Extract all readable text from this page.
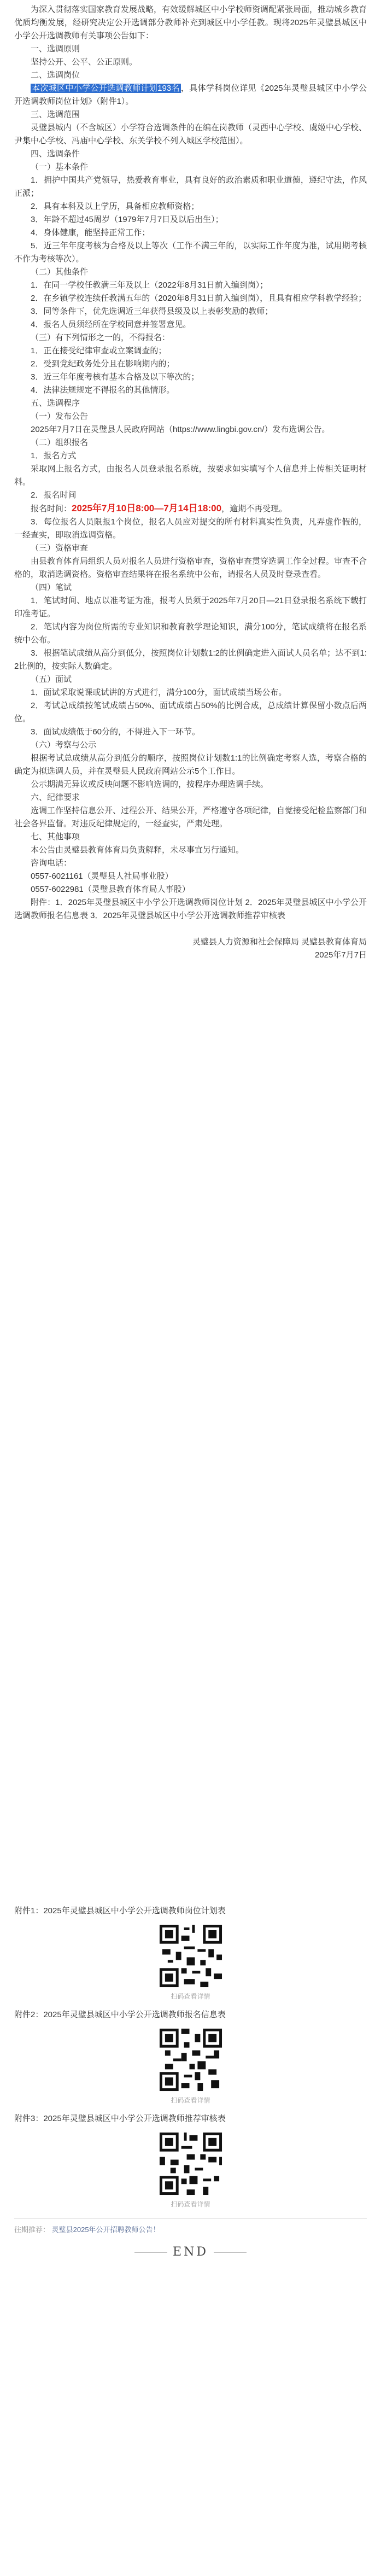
为深入贯彻落实国家教育发展战略，有效缓解城区中小学校师资调配紧张局面，推动城乡教育优质均衡发展，经研究决定公开选调部分教师补充到城区中小学任教。现将2025年灵璧县城区中小学公开选调教师有关事项公告如下：

一、选调原则

坚持公开、公平、公正原则。

二、选调岗位

本次城区中小学公开选调教师计划193名 ，具体学科岗位详见《2025年灵璧县城区中小学公开选调教师岗位计划》（附件1）。

三、选调范围

灵璧县城内（不含城区）小学符合选调条件的在编在岗教师（灵西中心学校、虞姬中心学校、尹集中心学校、冯庙中心学校、东关学校不列入城区学校范围）。

四、选调条件

（一）基本条件

1．拥护中国共产党领导，热爱教育事业，具有良好的政治素质和职业道德，遵纪守法，作风正派；

2．具有本科及以上学历，具备相应教师资格；

3．年龄不超过45周岁（1979年7月7日及以后出生）；

4．身体健康，能坚持正常工作；

5．近三年年度考核为合格及以上等次（工作不满三年的，以实际工作年度为准，试用期考核不作为考核等次）。

（二）其他条件

1．在同一学校任教满三年及以上（2022年8月31日前入编到岗）；

2．在乡镇学校连续任教满五年的（2020年8月31日前入编到岗），且具有相应学科教学经验；

3．同等条件下，优先选调近三年获得县级及以上表彰奖励的教师；

4．报名人员须经所在学校同意并签署意见。

（三）有下列情形之一的，不得报名：

1．正在接受纪律审查或立案调查的；

2．受到党纪政务处分且在影响期内的；

3．近三年年度考核有基本合格及以下等次的；

4．法律法规规定不得报名的其他情形。

五、选调程序

（一）发布公告

2025年7月7日在灵璧县人民政府网站（https://www.lingbi.gov.cn/）发布选调公告。

（二）组织报名

1．报名方式

采取网上报名方式，由报名人员登录报名系统，按要求如实填写个人信息并上传相关证明材料。

2．报名时间

报名时间：2025年7月10日8:00—7月14日18:00，逾期不再受理。

3．每位报名人员限报1个岗位，报名人员应对提交的所有材料真实性负责，凡弄虚作假的，一经查实，即取消选调资格。

（三）资格审查

由县教育体育局组织人员对报名人员进行资格审查，资格审查贯穿选调工作全过程。审查不合格的，取消选调资格。资格审查结果将在报名系统中公布，请报名人员及时登录查看。

（四）笔试

1．笔试时间、地点以准考证为准，报考人员须于2025年7月20日—21日登录报名系统下载打印准考证。

2．笔试内容为岗位所需的专业知识和教育教学理论知识，满分100分，笔试成绩将在报名系统中公布。

3．根据笔试成绩从高分到低分，按照岗位计划数1:2的比例确定进入面试人员名单；达不到1:2比例的，按实际人数确定。

（五）面试

1．面试采取说课或试讲的方式进行，满分100分，面试成绩当场公布。

2．考试总成绩按笔试成绩占50%、面试成绩占50%的比例合成，总成绩计算保留小数点后两位。

3．面试成绩低于60分的，不得进入下一环节。

（六）考察与公示

根据考试总成绩从高分到低分的顺序，按照岗位计划数1:1的比例确定考察人选，考察合格的确定为拟选调人员，并在灵璧县人民政府网站公示5个工作日。

公示期满无异议或反映问题不影响选调的，按程序办理选调手续。

六、纪律要求

选调工作坚持信息公开、过程公开、结果公开，严格遵守各项纪律，自觉接受纪检监察部门和社会各界监督。对违反纪律规定的，一经查实，严肃处理。

七、其他事项

本公告由灵璧县教育体育局负责解释，未尽事宜另行通知。

咨询电话：

0557-6021161（灵璧县人社局事业股）

0557-6022981（灵璧县教育体育局人事股）

附件：1．2025年灵璧县城区中小学公开选调教师岗位计划 2．2025年灵璧县城区中小学公开选调教师报名信息表 3．2025年灵璧县城区中小学公开选调教师推荐审核表

灵璧县人力资源和社会保障局 灵璧县教育体育局

2025年7月7日

附件1：2025年灵璧县城区中小学公开选调教师岗位计划表

扫码查看详情

附件2：2025年灵璧县城区中小学公开选调教师报名信息表

扫码查看详情

附件3：2025年灵璧县城区中小学公开选调教师推荐审核表

扫码查看详情
往期推荐： 灵璧县2025年公开招聘教师公告！
END
